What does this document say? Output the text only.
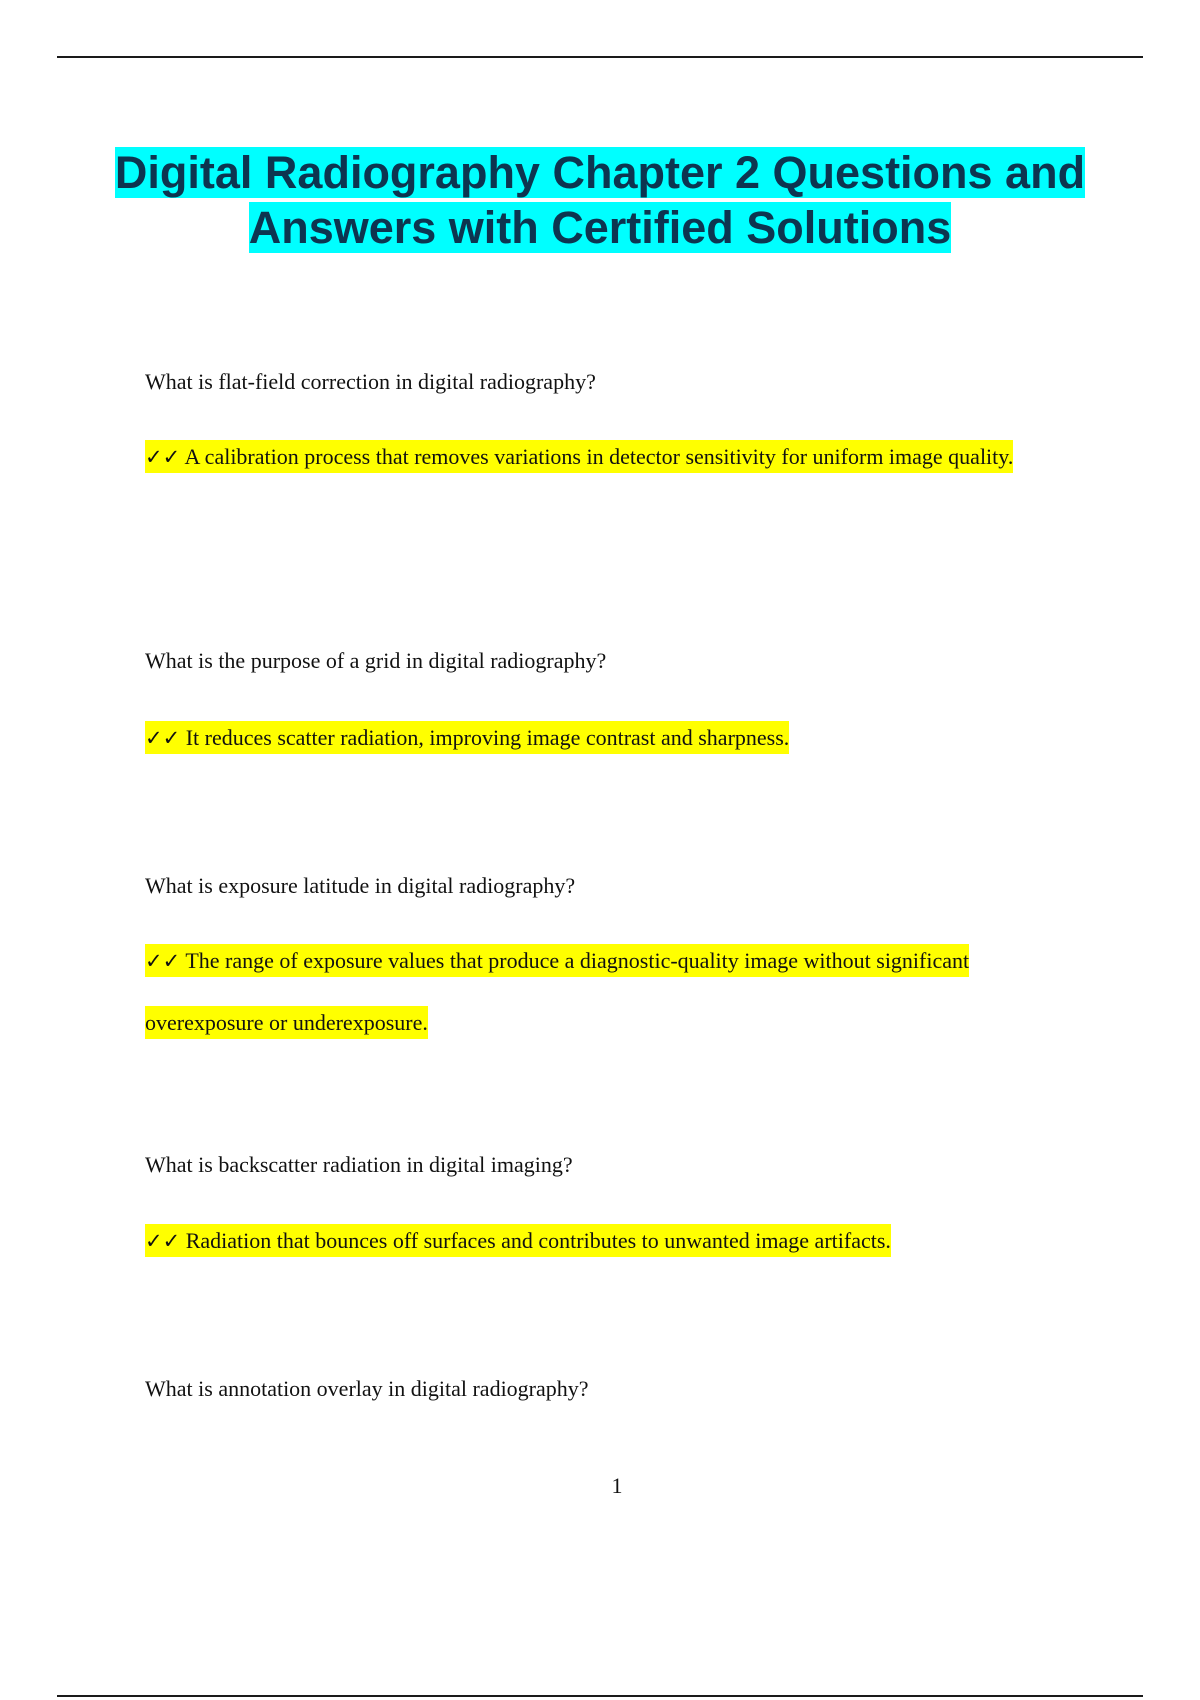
Digital Radiography Chapter 2 Questions and Answers with Certified Solutions

What is flat-field correction in digital radiography?

✓✓ A calibration process that removes variations in detector sensitivity for uniform image quality.

What is the purpose of a grid in digital radiography?

✓✓ It reduces scatter radiation, improving image contrast and sharpness.

What is exposure latitude in digital radiography?

✓✓ The range of exposure values that produce a diagnostic-quality image without significant overexposure or underexposure.

What is backscatter radiation in digital imaging?

✓✓ Radiation that bounces off surfaces and contributes to unwanted image artifacts.

What is annotation overlay in digital radiography?

1
